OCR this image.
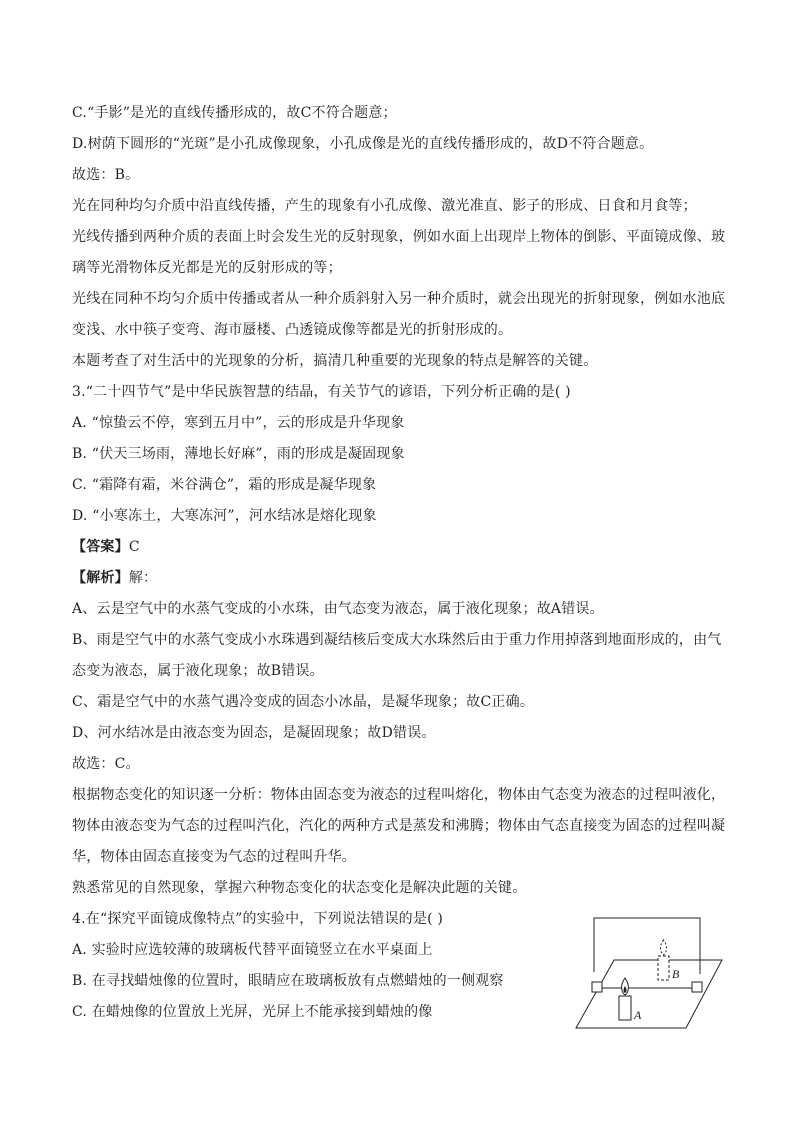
C.“手影”是光的直线传播形成的，故C不符合题意；
D.树荫下圆形的“光斑”是小孔成像现象，小孔成像是光的直线传播形成的，故D不符合题意。
故选：B。
光在同种均匀介质中沿直线传播，产生的现象有小孔成像、激光准直、影子的形成、日食和月食等；
光线传播到两种介质的表面上时会发生光的反射现象，例如水面上出现岸上物体的倒影、平面镜成像、玻
璃等光滑物体反光都是光的反射形成的等；
光线在同种不均匀介质中传播或者从一种介质斜射入另一种介质时，就会出现光的折射现象，例如水池底
变浅、水中筷子变弯、海市蜃楼、凸透镜成像等都是光的折射形成的。
本题考查了对生活中的光现象的分析，搞清几种重要的光现象的特点是解答的关键。
3.“二十四节气”是中华民族智慧的结晶，有关节气的谚语，下列分析正确的是( )
A. “惊蛰云不停，寒到五月中”，云的形成是升华现象
B. “伏天三场雨，薄地长好麻”，雨的形成是凝固现象
C. “霜降有霜，米谷满仓”，霜的形成是凝华现象
D. “小寒冻土，大寒冻河”，河水结冰是熔化现象
【答案】C
【解析】解：
A、云是空气中的水蒸气变成的小水珠，由气态变为液态，属于液化现象；故A错误。
B、雨是空气中的水蒸气变成小水珠遇到凝结核后变成大水珠然后由于重力作用掉落到地面形成的，由气
态变为液态，属于液化现象；故B错误。
C、霜是空气中的水蒸气遇冷变成的固态小冰晶，是凝华现象；故C正确。
D、河水结冰是由液态变为固态，是凝固现象；故D错误。
故选：C。
根据物态变化的知识逐一分析：物体由固态变为液态的过程叫熔化，物体由气态变为液态的过程叫液化，
物体由液态变为气态的过程叫汽化，汽化的两种方式是蒸发和沸腾；物体由气态直接变为固态的过程叫凝
华，物体由固态直接变为气态的过程叫升华。
熟悉常见的自然现象，掌握六种物态变化的状态变化是解决此题的关键。
4.在“探究平面镜成像特点”的实验中，下列说法错误的是( )
A. 实验时应选较薄的玻璃板代替平面镜竖立在水平桌面上
B. 在寻找蜡烛像的位置时，眼睛应在玻璃板放有点燃蜡烛的一侧观察
C. 在蜡烛像的位置放上光屏，光屏上不能承接到蜡烛的像	A
B
